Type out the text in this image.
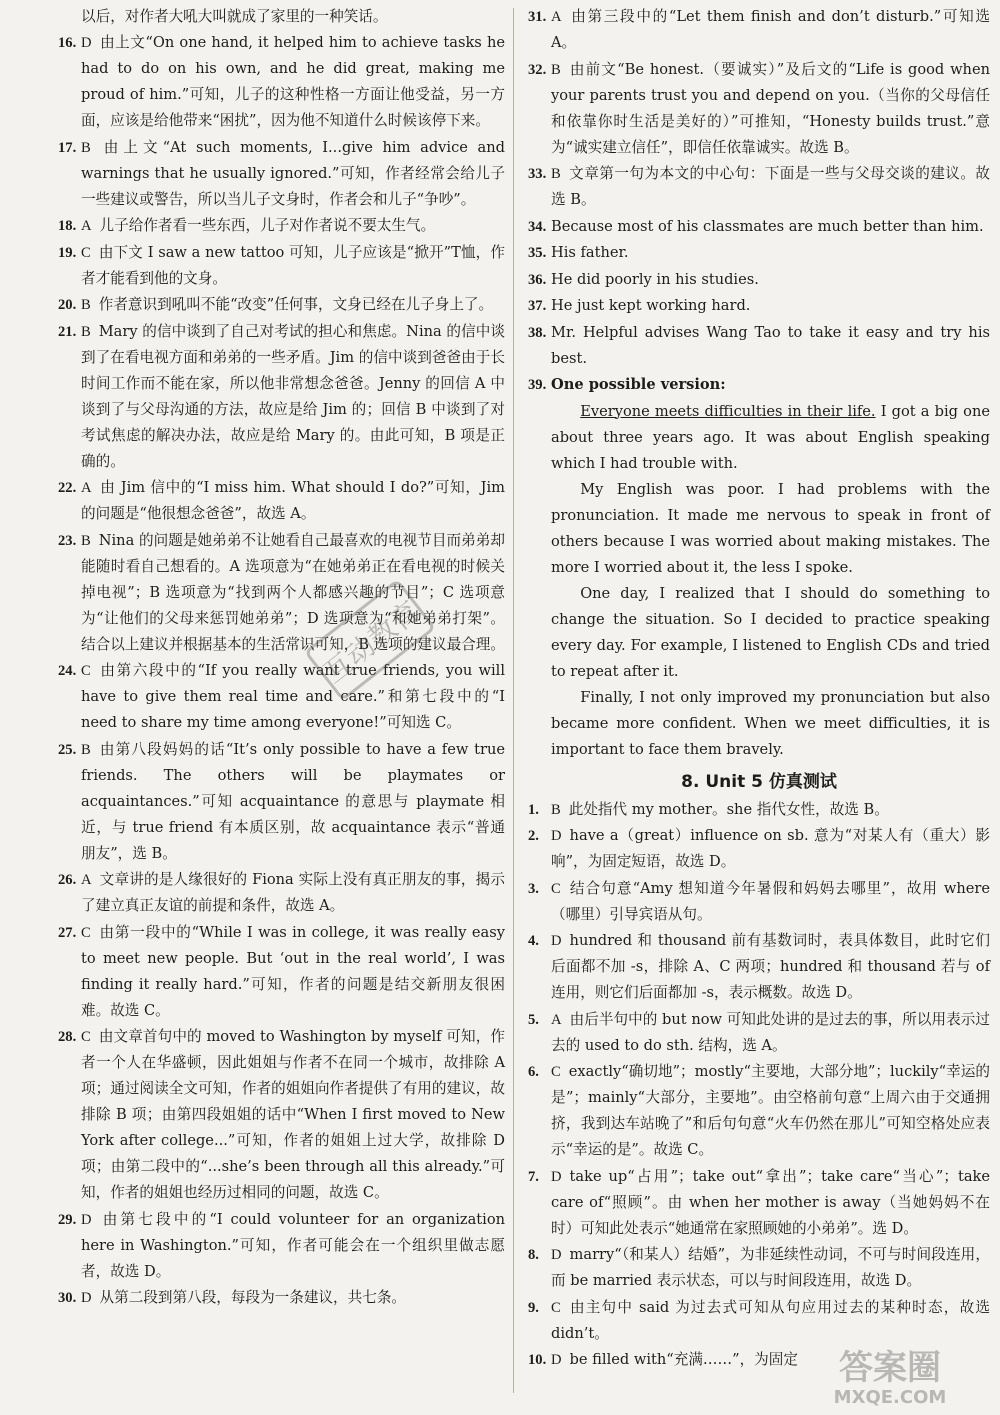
以后，对作者大吼大叫就成了家里的一种笑话。
16. D 由上文“On one hand, it helped him to achieve tasks he had to do on his own, and he did great, making me proud of him.”可知，儿子的这种性格一方面让他受益，另一方面，应该是给他带来“困扰”，因为他不知道什么时候该停下来。
17. B 由上文“At such moments, I...give him advice and warnings that he usually ignored.”可知，作者经常会给儿子一些建议或警告，所以当儿子文身时，作者会和儿子“争吵”。
18. A 儿子给作者看一些东西，儿子对作者说不要太生气。
19. C 由下文 I saw a new tattoo 可知，儿子应该是“掀开”T恤，作者才能看到他的文身。
20. B 作者意识到吼叫不能“改变”任何事，文身已经在儿子身上了。
21. B Mary 的信中谈到了自己对考试的担心和焦虑。Nina 的信中谈到了在看电视方面和弟弟的一些矛盾。Jim 的信中谈到爸爸由于长时间工作而不能在家，所以他非常想念爸爸。Jenny 的回信 A 中谈到了与父母沟通的方法，故应是给 Jim 的；回信 B 中谈到了对考试焦虑的解决办法，故应是给 Mary 的。由此可知，B 项是正确的。
22. A 由 Jim 信中的“I miss him. What should I do?”可知，Jim 的问题是“他很想念爸爸”，故选 A。
23. B Nina 的问题是她弟弟不让她看自己最喜欢的电视节目而弟弟却能随时看自己想看的。A 选项意为“在她弟弟正在看电视的时候关掉电视”；B 选项意为“找到两个人都感兴趣的节目”；C 选项意为“让他们的父母来惩罚她弟弟”；D 选项意为“和她弟弟打架”。结合以上建议并根据基本的生活常识可知，B 选项的建议最合理。
24. C 由第六段中的“If you really want true friends, you will have to give them real time and care.”和第七段中的“I need to share my time among everyone!”可知选 C。
25. B 由第八段妈妈的话“It’s only possible to have a few true friends. The others will be playmates or acquaintances.”可知 acquaintance 的意思与 playmate 相近，与 true friend 有本质区别，故 acquaintance 表示“普通朋友”，选 B。
26. A 文章讲的是人缘很好的 Fiona 实际上没有真正朋友的事，揭示了建立真正友谊的前提和条件，故选 A。
27. C 由第一段中的“While I was in college, it was really easy to meet new people. But ‘out in the real world’, I was finding it really hard.”可知，作者的问题是结交新朋友很困难。故选 C。
28. C 由文章首句中的 moved to Washington by myself 可知，作者一个人在华盛顿，因此姐姐与作者不在同一个城市，故排除 A 项；通过阅读全文可知，作者的姐姐向作者提供了有用的建议，故排除 B 项；由第四段姐姐的话中“When I first moved to New York after college...”可知，作者的姐姐上过大学，故排除 D 项；由第二段中的“...she’s been through all this already.”可知，作者的姐姐也经历过相同的问题，故选 C。
29. D 由第七段中的“I could volunteer for an organization here in Washington.”可知，作者可能会在一个组织里做志愿者，故选 D。
30. D 从第二段到第八段，每段为一条建议，共七条。
31. A 由第三段中的“Let them finish and don’t disturb.”可知选 A。
32. B 由前文“Be honest.（要诚实）”及后文的“Life is good when your parents trust you and depend on you.（当你的父母信任和依靠你时生活是美好的）”可推知，“Honesty builds trust.”意为“诚实建立信任”，即信任依靠诚实。故选 B。
33. B 文章第一句为本文的中心句：下面是一些与父母交谈的建议。故选 B。
34. Because most of his classmates are much better than him.
35. His father.
36. He did poorly in his studies.
37. He just kept working hard.
38. Mr. Helpful advises Wang Tao to take it easy and try his best.
39. One possible version:
Everyone meets difficulties in their life. I got a big one about three years ago. It was about English speaking which I had trouble with.
My English was poor. I had problems with the pronunciation. It made me nervous to speak in front of others because I was worried about making mistakes. The more I worried about it, the less I spoke.
One day, I realized that I should do something to change the situation. So I decided to practice speaking every day. For example, I listened to English CDs and tried to repeat after it.
Finally, I not only improved my pronunciation but also became more confident. When we meet difficulties, it is important to face them bravely.
8. Unit 5 仿真测试
1. B 此处指代 my mother。she 指代女性，故选 B。
2. D have a（great）influence on sb. 意为“对某人有（重大）影响”，为固定短语，故选 D。
3. C 结合句意“Amy 想知道今年暑假和妈妈去哪里”，故用 where（哪里）引导宾语从句。
4. D hundred 和 thousand 前有基数词时，表具体数目，此时它们后面都不加 -s，排除 A、C 两项；hundred 和 thousand 若与 of 连用，则它们后面都加 -s，表示概数。故选 D。
5. A 由后半句中的 but now 可知此处讲的是过去的事，所以用表示过去的 used to do sth. 结构，选 A。
6. C exactly“确切地”；mostly“主要地，大部分地”；luckily“幸运的是”；mainly“大部分，主要地”。由空格前句意“上周六由于交通拥挤，我到达车站晚了”和后句句意“火车仍然在那儿”可知空格处应表示“幸运的是”。故选 C。
7. D take up“占用”；take out“拿出”；take care“当心”；take care of“照顾”。由 when her mother is away（当她妈妈不在时）可知此处表示“她通常在家照顾她的小弟弟”。选 D。
8. D marry“（和某人）结婚”，为非延续性动词，不可与时间段连用，而 be married 表示状态，可以与时间段连用，故选 D。
9. C 由主句中 said 为过去式可知从句应用过去的某种时态，故选 didn’t。
10. D be filled with“充满……”，为固定
互动教育
答案圈
MXQE.COM
